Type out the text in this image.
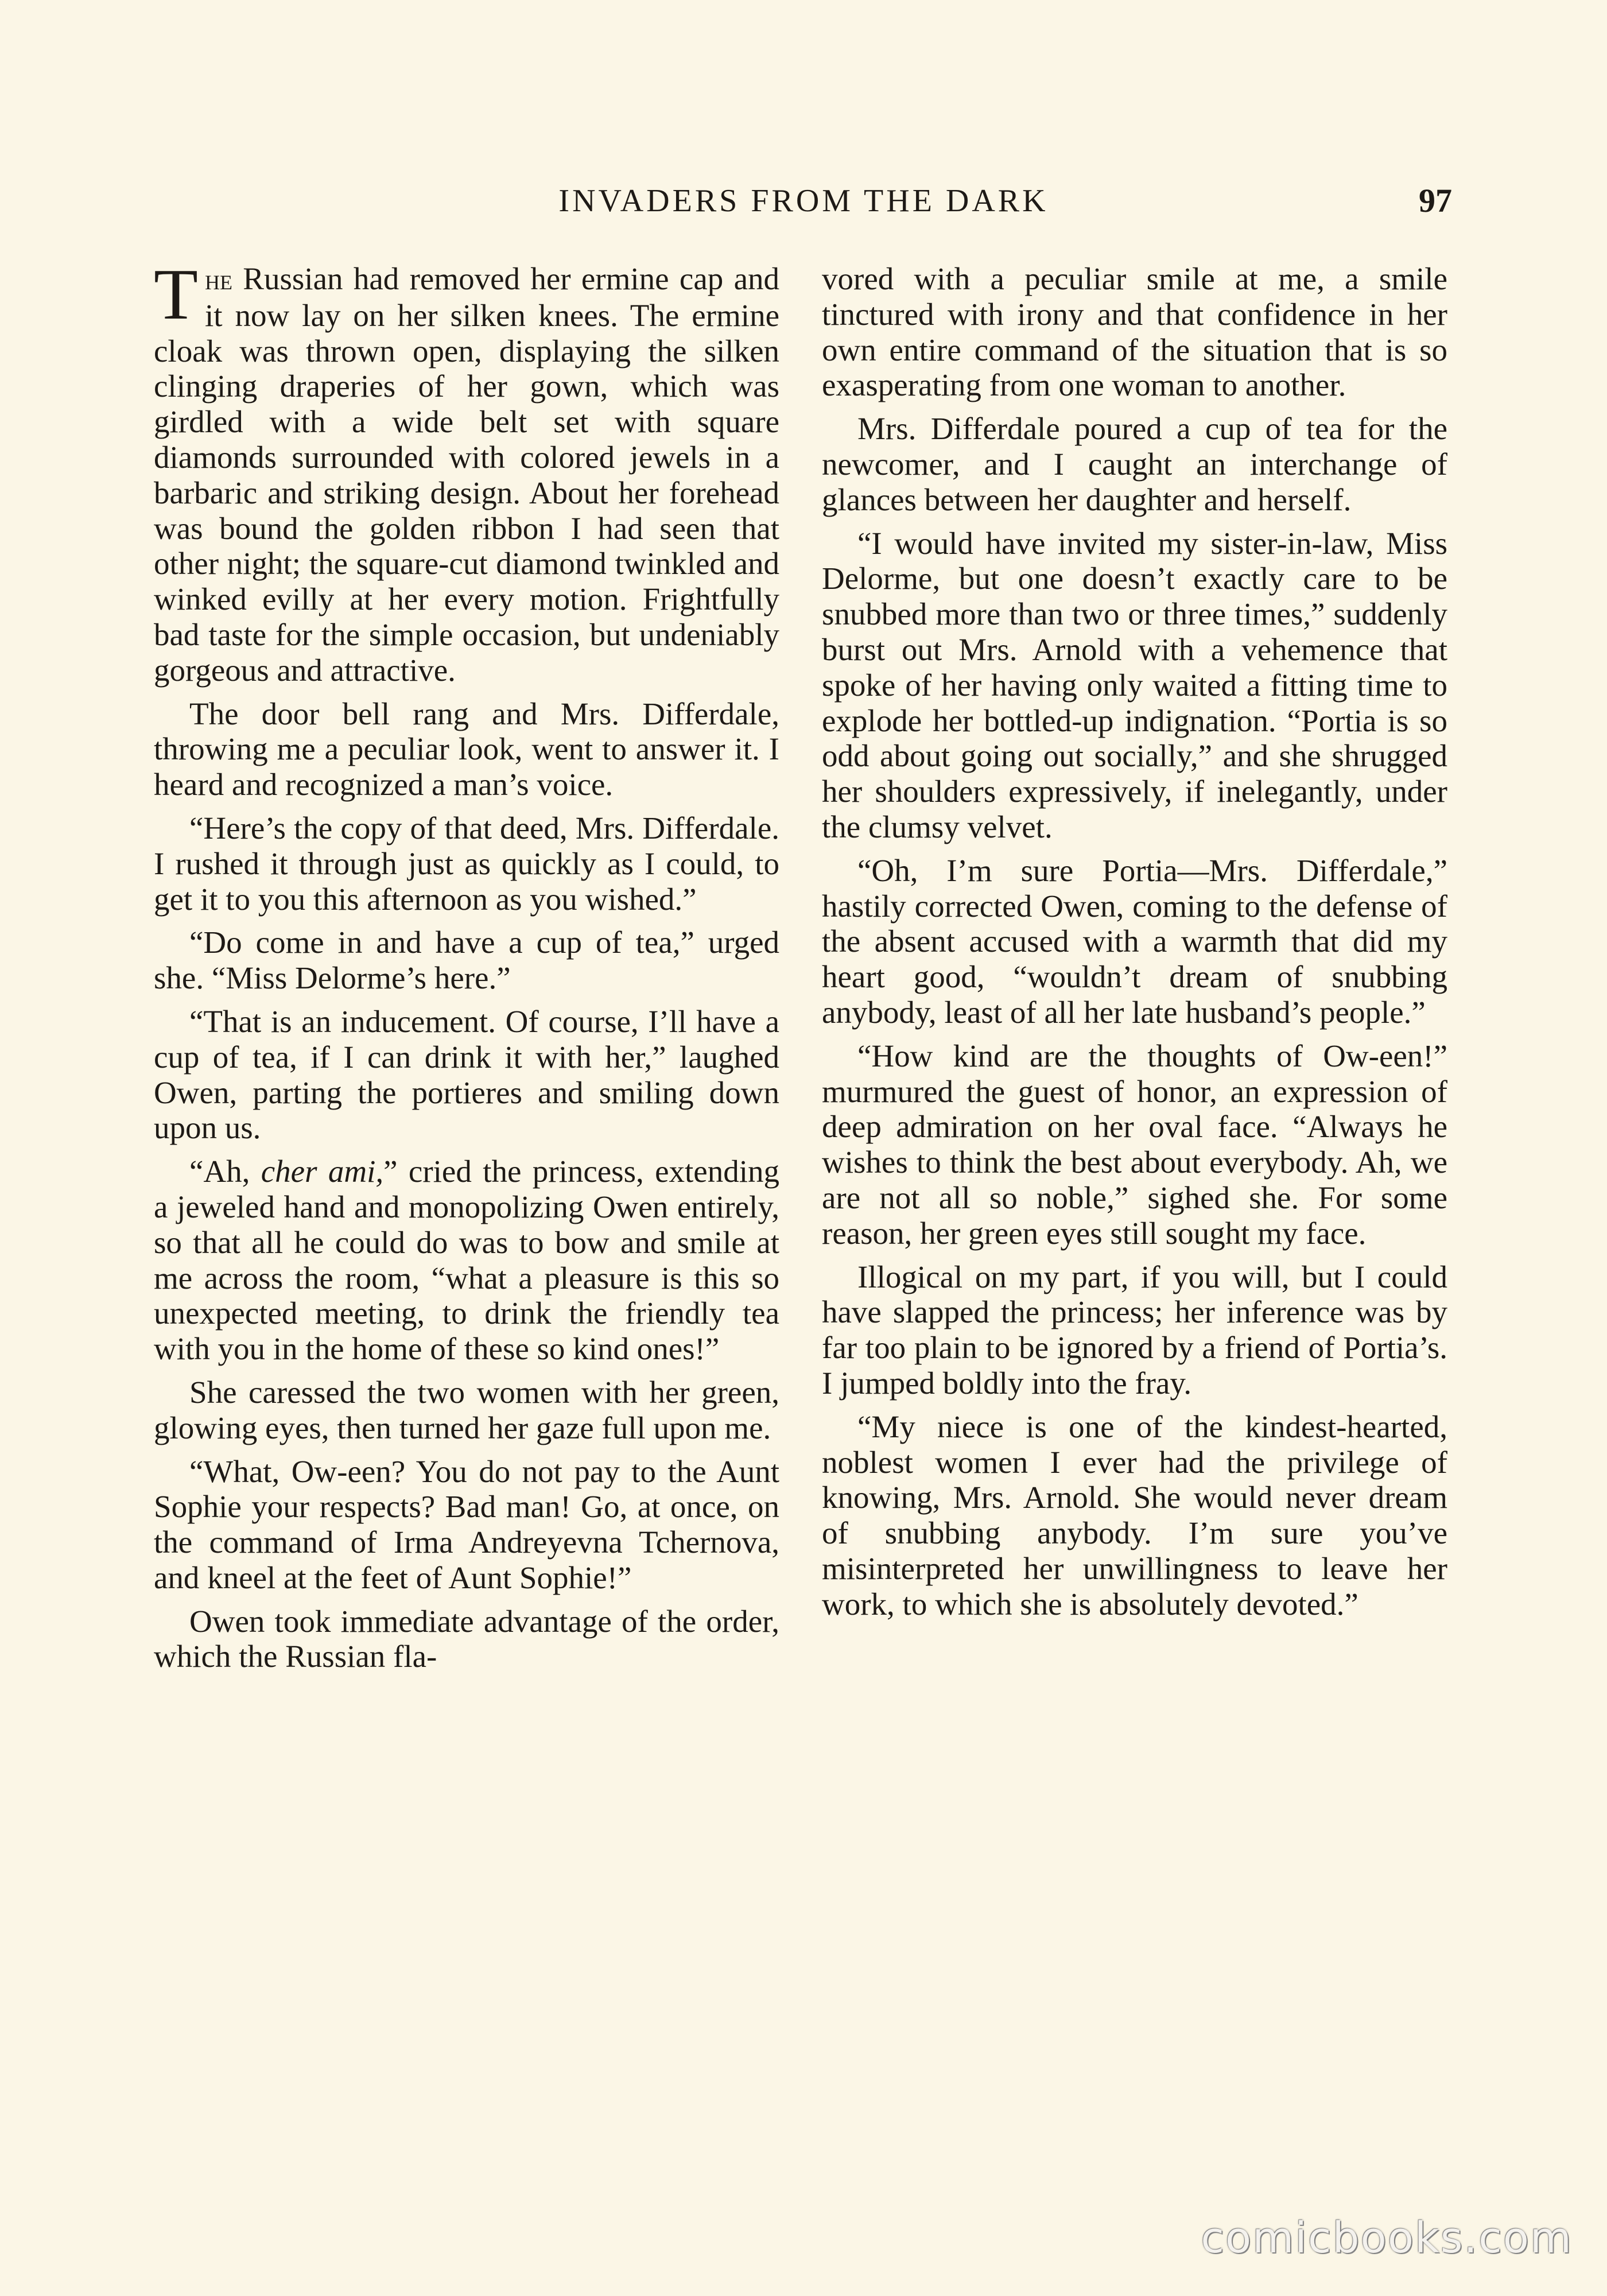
INVADERS FROM THE DARK	97

The Russian had removed her ermine cap and it now lay on her silken knees. The ermine cloak was thrown open, displaying the silken clinging draperies of her gown, which was girdled with a wide belt set with square diamonds surrounded with colored jewels in a barbaric and striking design. About her forehead was bound the golden ribbon I had seen that other night; the square-cut diamond twinkled and winked evilly at her every motion. Frightfully bad taste for the simple occasion, but undeniably gorgeous and attractive.

The door bell rang and Mrs. Differdale, throwing me a peculiar look, went to answer it. I heard and recognized a man’s voice.

“Here’s the copy of that deed, Mrs. Differdale. I rushed it through just as quickly as I could, to get it to you this afternoon as you wished.”

“Do come in and have a cup of tea,” urged she. “Miss Delorme’s here.”

“That is an inducement. Of course, I’ll have a cup of tea, if I can drink it with her,” laughed Owen, parting the portieres and smiling down upon us.

“Ah, cher ami,” cried the princess, extending a jeweled hand and monopolizing Owen entirely, so that all he could do was to bow and smile at me across the room, “what a pleasure is this so unexpected meeting, to drink the friendly tea with you in the home of these so kind ones!”

She caressed the two women with her green, glowing eyes, then turned her gaze full upon me.

“What, Ow-een? You do not pay to the Aunt Sophie your respects? Bad man! Go, at once, on the command of Irma Andreyevna Tchernova, and kneel at the feet of Aunt Sophie!”

Owen took immediate advantage of the order, which the Russian fla-

vored with a peculiar smile at me, a smile tinctured with irony and that confidence in her own entire command of the situation that is so exasperating from one woman to another.

Mrs. Differdale poured a cup of tea for the newcomer, and I caught an interchange of glances between her daughter and herself.

“I would have invited my sister-in-law, Miss Delorme, but one doesn’t exactly care to be snubbed more than two or three times,” suddenly burst out Mrs. Arnold with a vehemence that spoke of her having only waited a fitting time to explode her bottled-up indignation. “Portia is so odd about going out socially,” and she shrugged her shoulders expressively, if inelegantly, under the clumsy velvet.

“Oh, I’m sure Portia—Mrs. Differdale,” hastily corrected Owen, coming to the defense of the absent accused with a warmth that did my heart good, “wouldn’t dream of snubbing anybody, least of all her late husband’s people.”

“How kind are the thoughts of Ow-een!” murmured the guest of honor, an expression of deep admiration on her oval face. “Always he wishes to think the best about everybody. Ah, we are not all so noble,” sighed she. For some reason, her green eyes still sought my face.

Illogical on my part, if you will, but I could have slapped the princess; her inference was by far too plain to be ignored by a friend of Portia’s. I jumped boldly into the fray.

“My niece is one of the kindest-hearted, noblest women I ever had the privilege of knowing, Mrs. Arnold. She would never dream of snubbing anybody. I’m sure you’ve misinterpreted her unwillingness to leave her work, to which she is absolutely devoted.”

comicbooks.com
